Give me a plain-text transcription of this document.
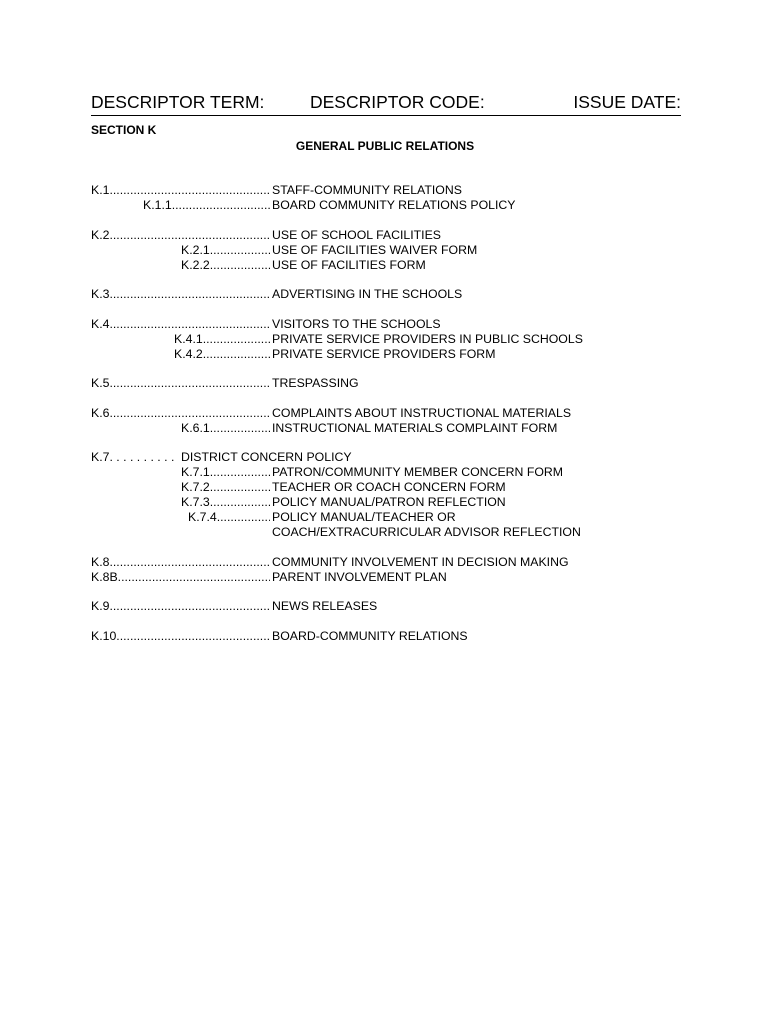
DESCRIPTOR TERM:	DESCRIPTOR CODE:	ISSUE DATE:
SECTION K
GENERAL PUBLIC RELATIONS
K.1 .....	STAFF-COMMUNITY RELATIONS
K.1.1 .....	BOARD COMMUNITY RELATIONS POLICY
K.2 .....	USE OF SCHOOL FACILITIES
K.2.1 .....	USE OF FACILITIES WAIVER FORM
K.2.2 .....	USE OF FACILITIES FORM
K.3 .....	ADVERTISING IN THE SCHOOLS
K.4 .....	VISITORS TO THE SCHOOLS
K.4.1 .....	PRIVATE SERVICE PROVIDERS IN PUBLIC SCHOOLS
K.4.2 .....	PRIVATE SERVICE PROVIDERS FORM
K.5 .....	TRESPASSING
K.6 .....	COMPLAINTS ABOUT INSTRUCTIONAL MATERIALS
K.6.1 .....	INSTRUCTIONAL MATERIALS COMPLAINT FORM
K.7. . . . . . . . . . DISTRICT CONCERN POLICY
K.7.1 .....	PATRON/COMMUNITY MEMBER CONCERN FORM
K.7.2 .....	TEACHER OR COACH CONCERN FORM
K.7.3 .....	POLICY MANUAL/PATRON REFLECTION
K.7.4 .....	POLICY MANUAL/TEACHER OR
COACH/EXTRACURRICULAR ADVISOR REFLECTION
K.8 .....	COMMUNITY INVOLVEMENT IN DECISION MAKING
K.8B .....	PARENT INVOLVEMENT PLAN
K.9 .....	NEWS RELEASES
K.10 .....	BOARD-COMMUNITY RELATIONS
